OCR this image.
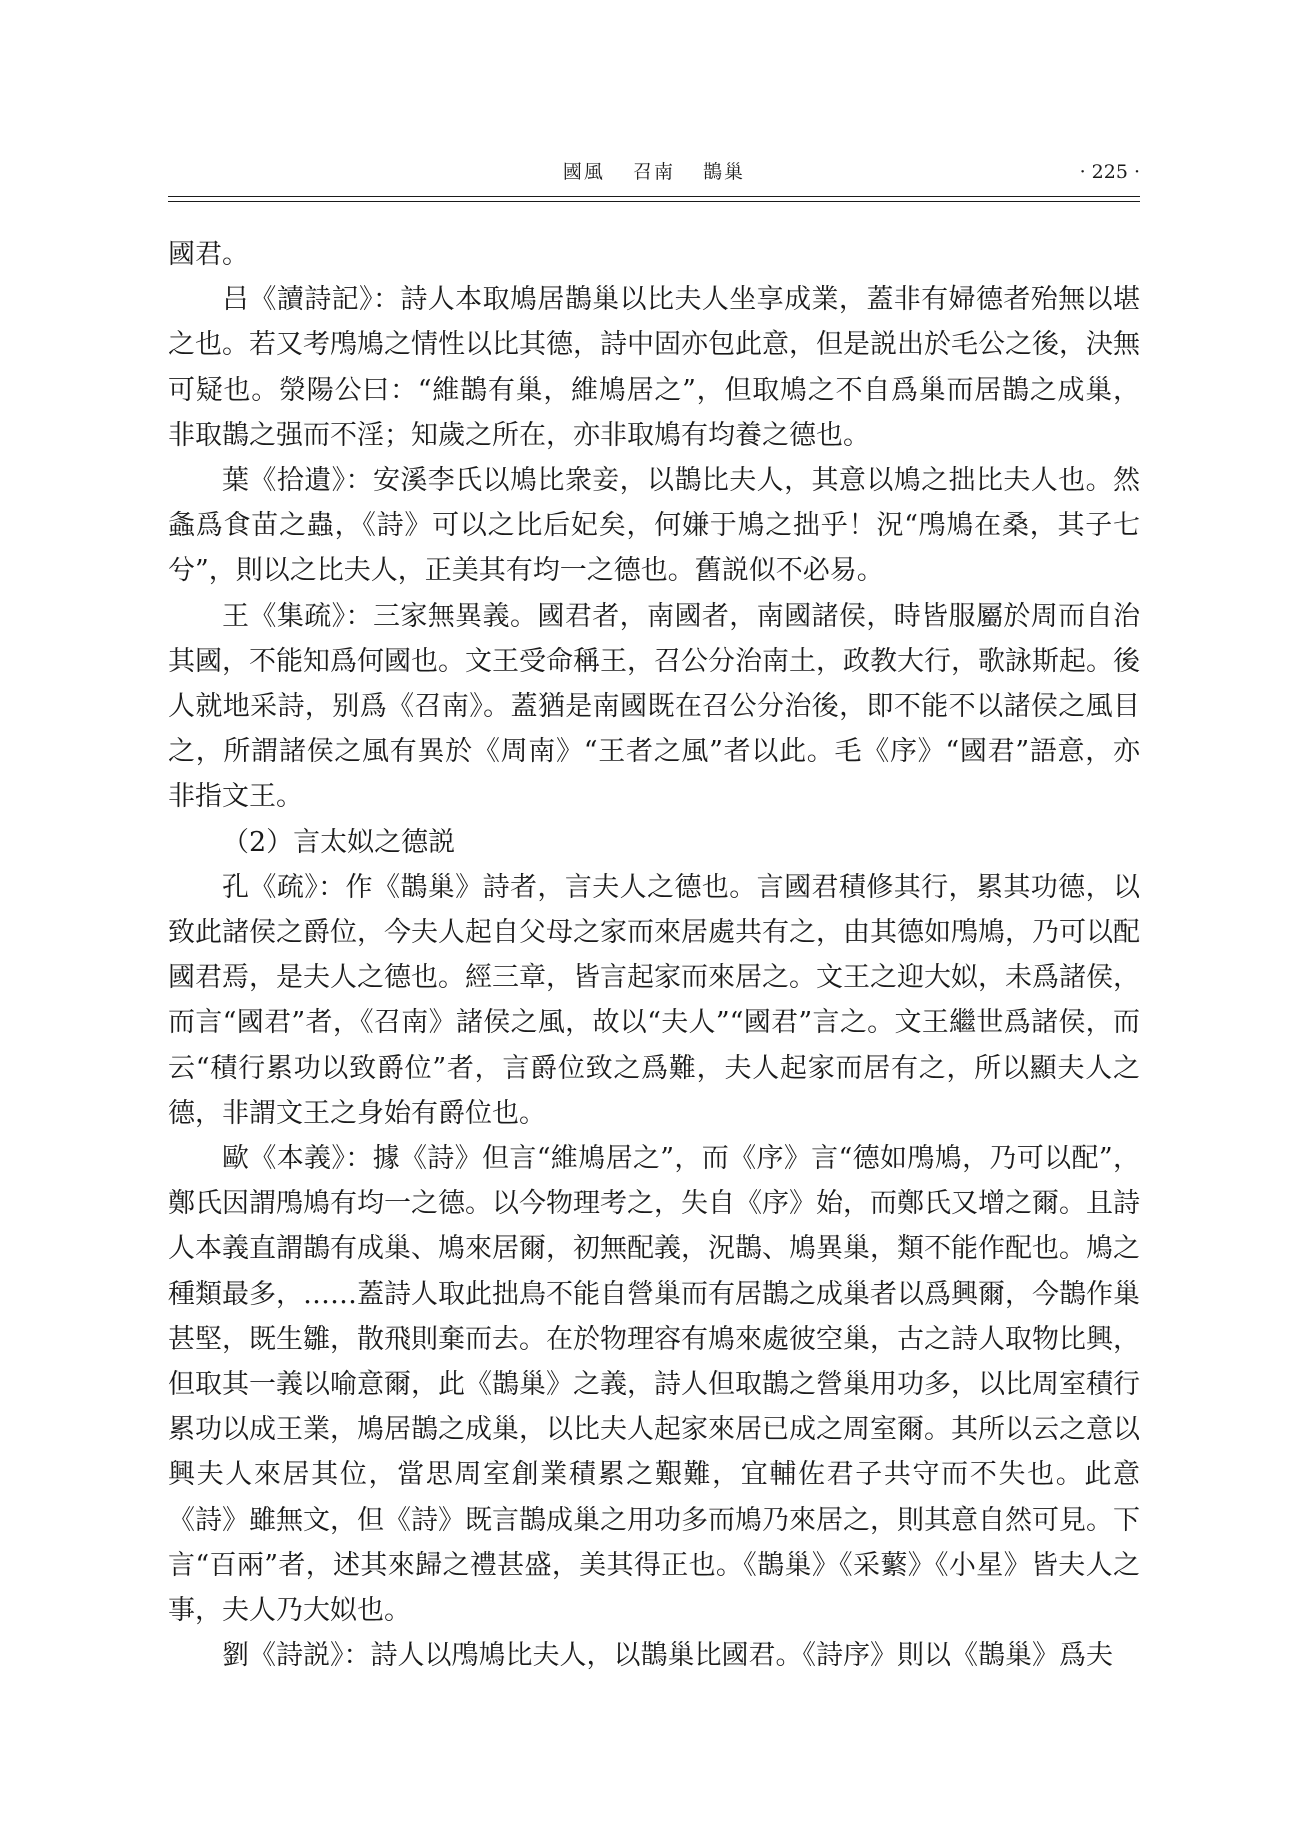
國風 召南 鵲巢	· 225 ·

國君。

吕《讀詩記》：詩人本取鳩居鵲巢以比夫人坐享成業，蓋非有婦德者殆無以堪之也。若又考鳲鳩之情性以比其德，詩中固亦包此意，但是説出於毛公之後，決無可疑也。滎陽公曰：“維鵲有巢，維鳩居之”，但取鳩之不自爲巢而居鵲之成巢，非取鵲之强而不淫；知歲之所在，亦非取鳩有均養之德也。

葉《拾遺》：安溪李氏以鳩比衆妾，以鵲比夫人，其意以鳩之拙比夫人也。然螽爲食苗之蟲，《詩》可以之比后妃矣，何嫌于鳩之拙乎！況“鳲鳩在桑，其子七兮”，則以之比夫人，正美其有均一之德也。舊説似不必易。

王《集疏》：三家無異義。國君者，南國者，南國諸侯，時皆服屬於周而自治其國，不能知爲何國也。文王受命稱王，召公分治南土，政教大行，歌詠斯起。後人就地采詩，别爲《召南》。蓋猶是南國既在召公分治後，即不能不以諸侯之風目之，所謂諸侯之風有異於《周南》“王者之風”者以此。毛《序》“國君”語意，亦非指文王。

（2）言太姒之德説

孔《疏》：作《鵲巢》詩者，言夫人之德也。言國君積修其行，累其功德，以致此諸侯之爵位，今夫人起自父母之家而來居處共有之，由其德如鳲鳩，乃可以配國君焉，是夫人之德也。經三章，皆言起家而來居之。文王之迎大姒，未爲諸侯，而言“國君”者，《召南》諸侯之風，故以“夫人”“國君”言之。文王繼世爲諸侯，而云“積行累功以致爵位”者，言爵位致之爲難，夫人起家而居有之，所以顯夫人之德，非謂文王之身始有爵位也。

歐《本義》：據《詩》但言“維鳩居之”，而《序》言“德如鳲鳩，乃可以配”，鄭氏因謂鳲鳩有均一之德。以今物理考之，失自《序》始，而鄭氏又增之爾。且詩人本義直謂鵲有成巢、鳩來居爾，初無配義，況鵲、鳩異巢，類不能作配也。鳩之種類最多，……蓋詩人取此拙鳥不能自營巢而有居鵲之成巢者以爲興爾，今鵲作巢甚堅，既生雛，散飛則棄而去。在於物理容有鳩來處彼空巢，古之詩人取物比興，但取其一義以喻意爾，此《鵲巢》之義，詩人但取鵲之營巢用功多，以比周室積行累功以成王業，鳩居鵲之成巢，以比夫人起家來居已成之周室爾。其所以云之意以興夫人來居其位，當思周室創業積累之艱難，宜輔佐君子共守而不失也。此意《詩》雖無文，但《詩》既言鵲成巢之用功多而鳩乃來居之，則其意自然可見。下言“百兩”者，述其來歸之禮甚盛，美其得正也。《鵲巢》《采蘩》《小星》皆夫人之事，夫人乃大姒也。

劉《詩説》：詩人以鳲鳩比夫人，以鵲巢比國君。《詩序》則以《鵲巢》爲夫
